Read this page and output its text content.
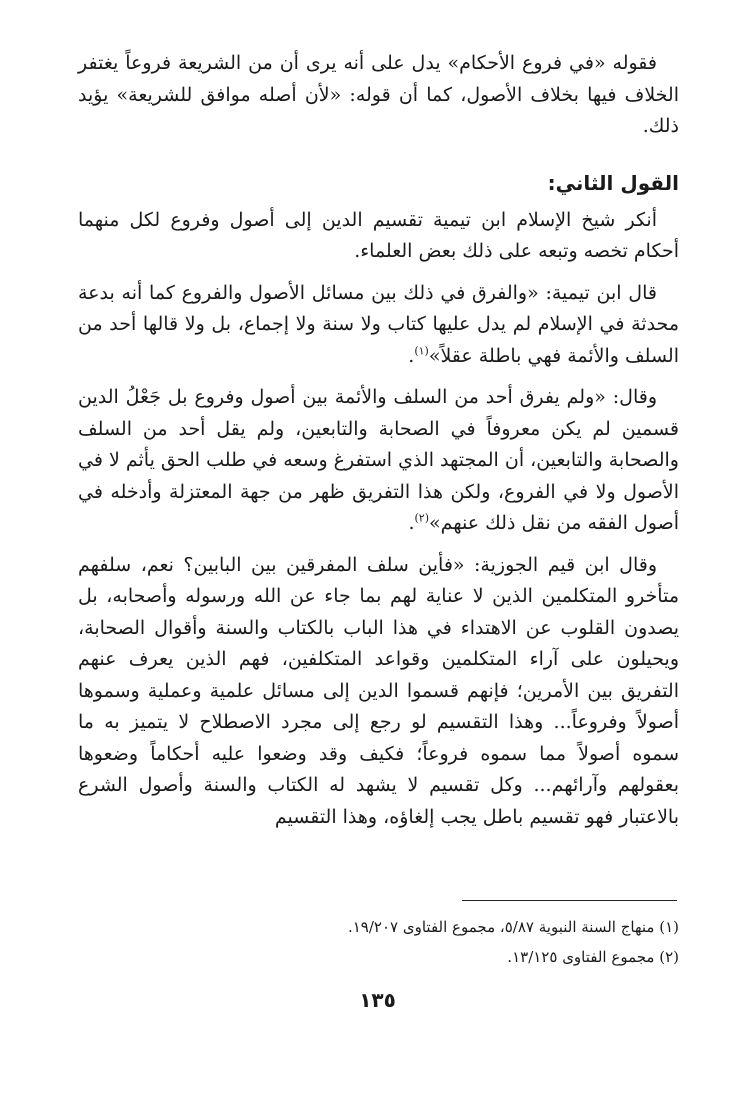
فقوله «في فروع الأحكام» يدل على أنه يرى أن من الشريعة فروعاً يغتفر الخلاف فيها بخلاف الأصول، كما أن قوله: «لأن أصله موافق للشريعة» يؤيد ذلك.

القول الثاني:

أنكر شيخ الإسلام ابن تيمية تقسيم الدين إلى أصول وفروع لكل منهما أحكام تخصه وتبعه على ذلك بعض العلماء.

قال ابن تيمية: «والفرق في ذلك بين مسائل الأصول والفروع كما أنه بدعة محدثة في الإسلام لم يدل عليها كتاب ولا سنة ولا إجماع، بل ولا قالها أحد من السلف والأئمة فهي باطلة عقلاً»$^{(١)}$.

وقال: «ولم يفرق أحد من السلف والأئمة بين أصول وفروع بل جَعْلُ الدين قسمين لم يكن معروفاً في الصحابة والتابعين، ولم يقل أحد من السلف والصحابة والتابعين، أن المجتهد الذي استفرغ وسعه في طلب الحق يأثم لا في الأصول ولا في الفروع، ولكن هذا التفريق ظهر من جهة المعتزلة وأدخله في أصول الفقه من نقل ذلك عنهم»$^{(٢)}$.

وقال ابن قيم الجوزية: «فأين سلف المفرقين بين البابين؟ نعم، سلفهم متأخرو المتكلمين الذين لا عناية لهم بما جاء عن الله ورسوله وأصحابه، بل يصدون القلوب عن الاهتداء في هذا الباب بالكتاب والسنة وأقوال الصحابة، ويحيلون على آراء المتكلمين وقواعد المتكلفين، فهم الذين يعرف عنهم التفريق بين الأمرين؛ فإنهم قسموا الدين إلى مسائل علمية وعملية وسموها أصولاً وفروعاً... وهذا التقسيم لو رجع إلى مجرد الاصطلاح لا يتميز به ما سموه أصولاً مما سموه فروعاً؛ فكيف وقد وضعوا عليه أحكاماً وضعوها بعقولهم وآرائهم... وكل تقسيم لا يشهد له الكتاب والسنة وأصول الشرع بالاعتبار فهو تقسيم باطل يجب إلغاؤه، وهذا التقسيم

(١) منهاج السنة النبوية ٥/٨٧، مجموع الفتاوى ١٩/٢٠٧.

(٢) مجموع الفتاوى ١٣/١٢٥.

١٣٥
